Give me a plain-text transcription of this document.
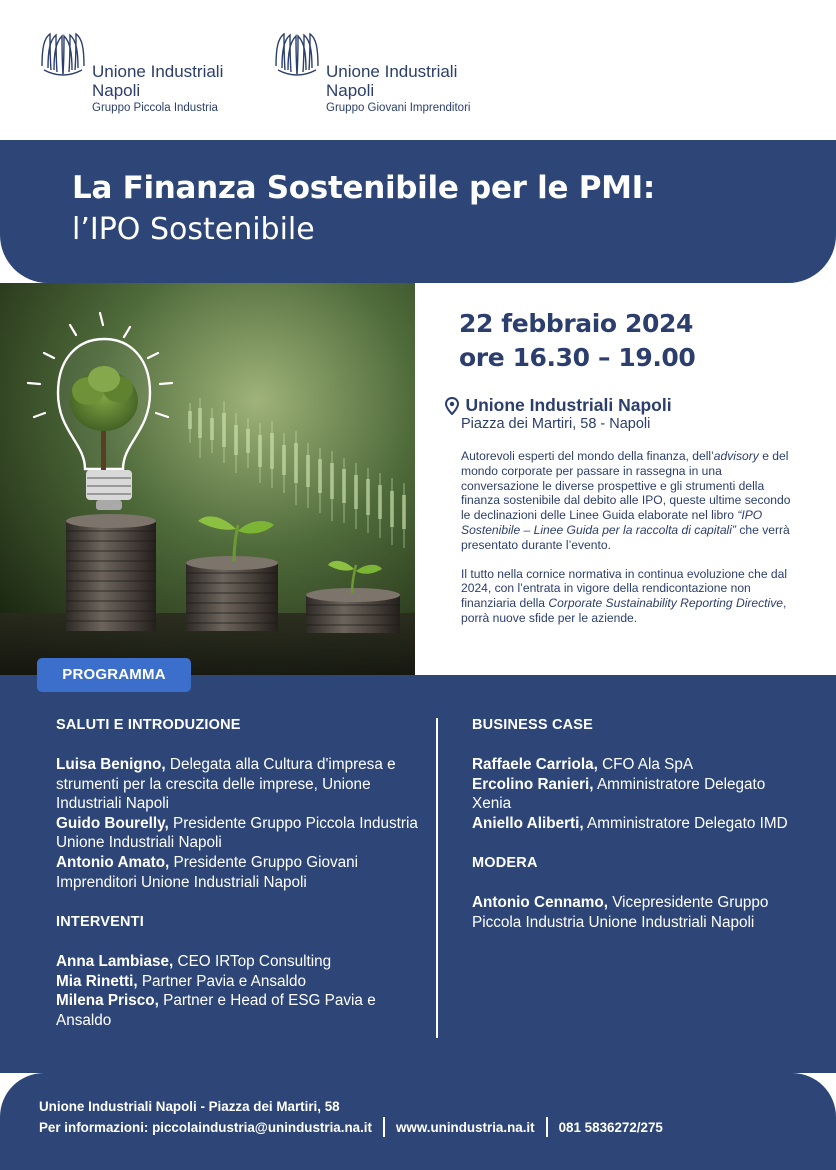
Unione Industriali
Napoli
Gruppo Piccola Industria
Unione Industriali
Napoli
Gruppo Giovani Imprenditori
La Finanza Sostenibile per le PMI:
l’IPO Sostenibile
22 febbraio 2024
ore 16.30 – 19.00
Unione Industriali Napoli
Piazza dei Martiri, 58 - Napoli

Autorevoli esperti del mondo della finanza, dell’advisory e del mondo corporate per passare in rassegna in una conversazione le diverse prospettive e gli strumenti della finanza sostenibile dal debito alle IPO, queste ultime secondo le declinazioni delle Linee Guida elaborate nel libro “IPO Sostenibile – Linee Guida per la raccolta di capitali” che verrà presentato durante l’evento.

Il tutto nella cornice normativa in continua evoluzione che dal 2024, con l’entrata in vigore della rendicontazione non finanziaria della Corporate Sustainability Reporting Directive, porrà nuove sfide per le aziende.

PROGRAMMA
SALUTI E INTRODUZIONE
Luisa Benigno, Delegata alla Cultura d'impresa e strumenti per la crescita delle imprese, Unione Industriali Napoli
Guido Bourelly, Presidente Gruppo Piccola Industria Unione Industriali Napoli
Antonio Amato, Presidente Gruppo Giovani Imprenditori Unione Industriali Napoli
INTERVENTI
Anna Lambiase, CEO IRTop Consulting
Mia Rinetti, Partner Pavia e Ansaldo
Milena Prisco, Partner e Head of ESG Pavia e Ansaldo
BUSINESS CASE
Raffaele Carriola, CFO Ala SpA
Ercolino Ranieri, Amministratore Delegato Xenia
Aniello Aliberti, Amministratore Delegato IMD
MODERA
Antonio Cennamo, Vicepresidente Gruppo Piccola Industria Unione Industriali Napoli
Unione Industriali Napoli - Piazza dei Martiri, 58
Per informazioni: piccolaindustria@unindustria.na.it www.unindustria.na.it 081 5836272/275
